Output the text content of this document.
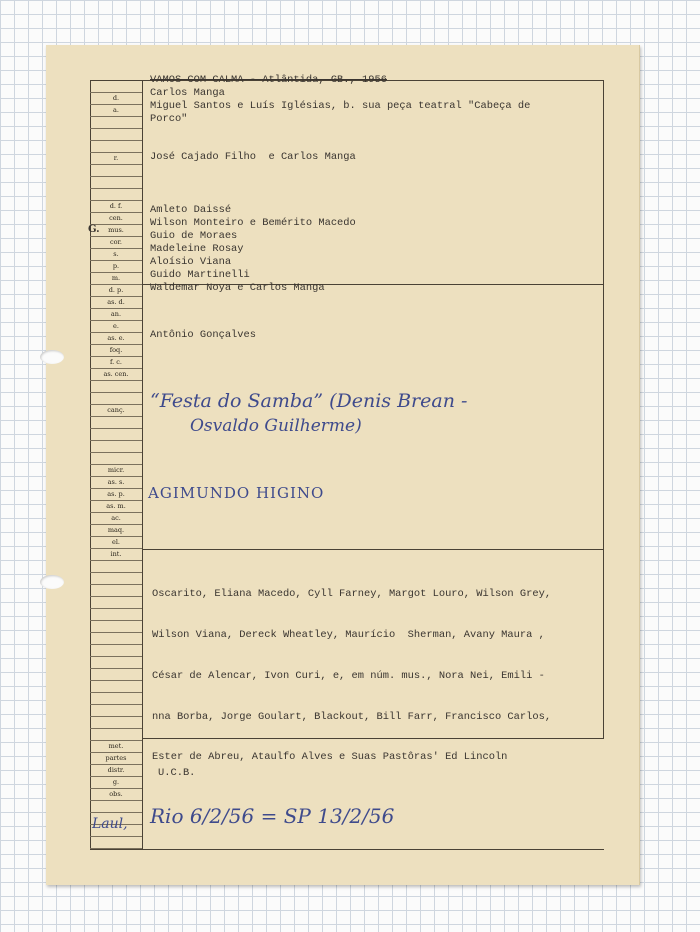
d.
a.
r.
d. f.
cen.
mus.
cor.
s.
p.
m.
d. p.
as. d.
an.
e.
as. e.
foq.
f. c.
as. cen.
canç.
micr.
as. s.
as. p.
as. m.
ac.
maq.
el.
int.
met.
partes
distr.
g.
obs.
G.
VAMOS COM CALMA - Atlântida, GB., 1956
Carlos Manga
Miguel Santos e Luís Iglésias, b. sua peça teatral "Cabeça de
Porco"
José Cajado Filho  e Carlos Manga
Amleto Daissé
Wilson Monteiro e Bemérito Macedo
Guio de Moraes
Madeleine Rosay
Aloísio Viana
Guido Martinelli
Waldemar Noya e Carlos Manga
Antônio Gonçalves
“Festa do Samba” (Denis Brean -
Osvaldo Guilherme)
AGIMUNDO HIGINO

Oscarito, Eliana Macedo, Cyll Farney, Margot Louro, Wilson Grey,

Wilson Viana, Dereck Wheatley, Maurício  Sherman, Avany Maura ,

César de Alencar, Ivon Curi, e, em núm. mus., Nora Nei, Emili -

nna Borba, Jorge Goulart, Blackout, Bill Farr, Francisco Carlos,

Ester de Abreu, Ataulfo Alves e Suas Pastôras' Ed Lincoln

U.C.B.
Laul, Rio 6/2/56 = SP 13/2/56
